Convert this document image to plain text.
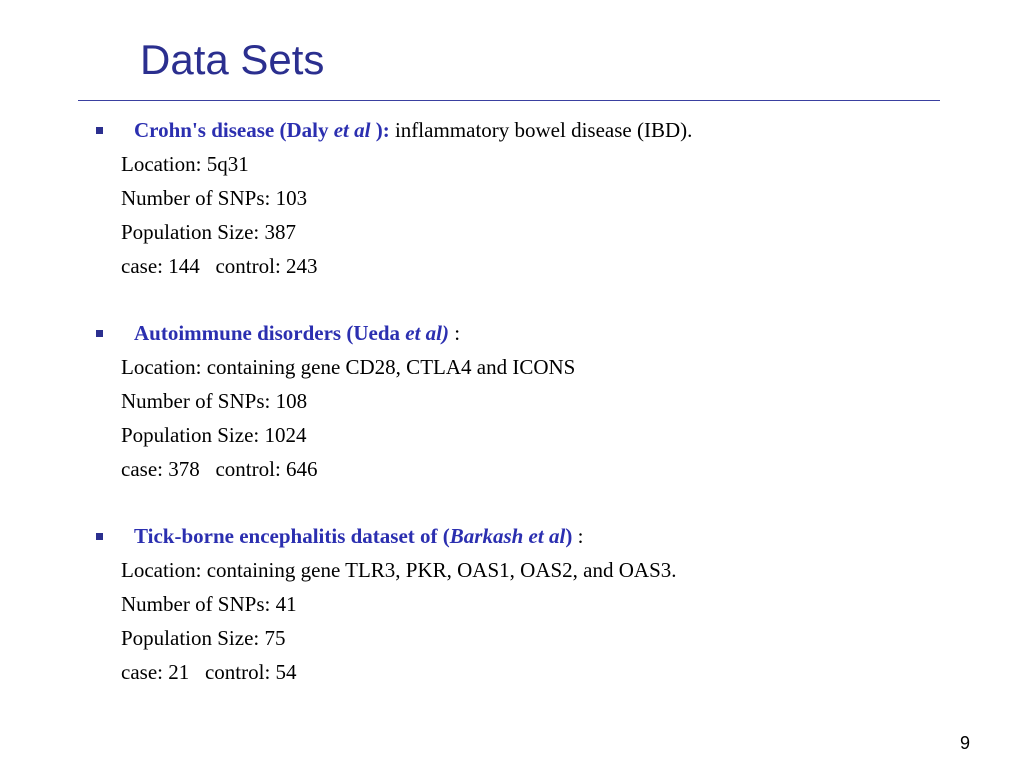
Data Sets
Crohn's disease (Daly et al ): inflammatory bowel disease (IBD).
Location: 5q31
Number of SNPs: 103
Population Size: 387
case: 144   control: 243
Autoimmune disorders (Ueda et al) :
Location: containing gene CD28, CTLA4 and ICONS
Number of SNPs: 108
Population Size: 1024
case: 378   control: 646
Tick-borne encephalitis dataset of (Barkash et al) :
Location: containing gene TLR3, PKR, OAS1, OAS2, and OAS3.
Number of SNPs: 41
Population Size: 75
case: 21   control: 54
9
